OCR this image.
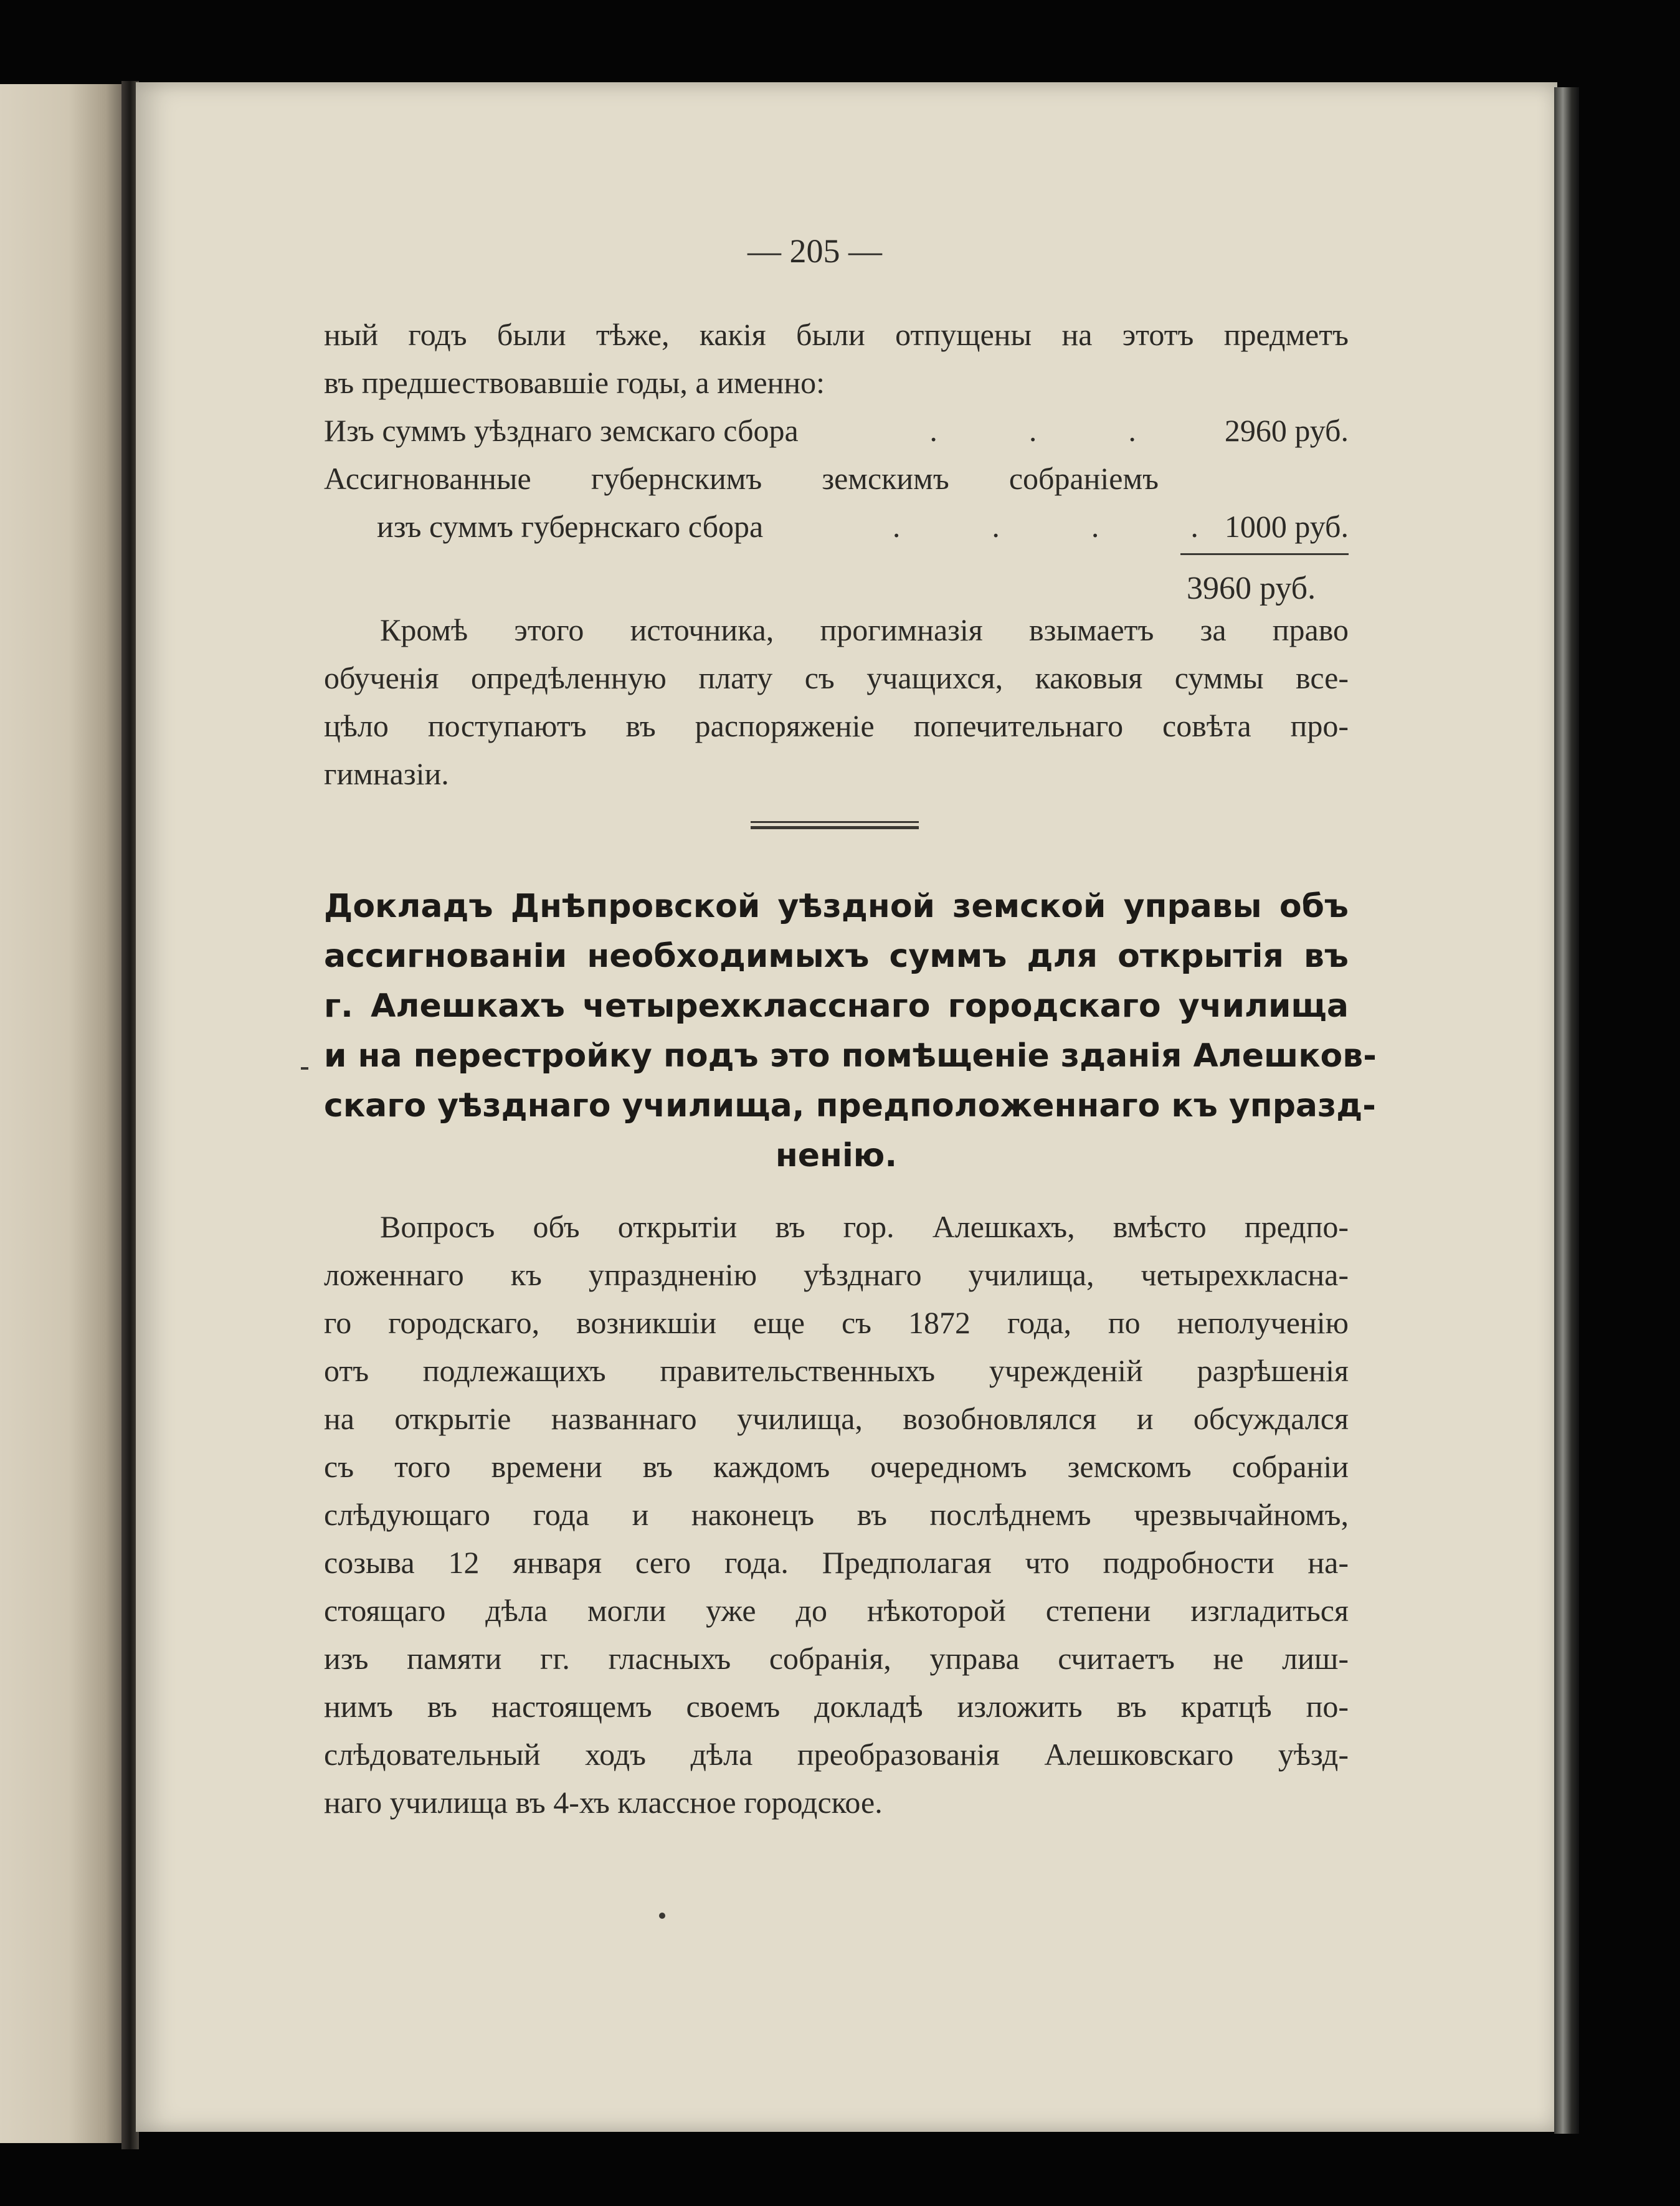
— 205 —
ный годъ были тѣже, какія были отпущены на этотъ предметъ
въ предшествовавшіе годы, а именно:
Изъ суммъ уѣзднаго земскаго сбора	.          .          .	2960 руб.
Ассигнованные губернскимъ земскимъ собраніемъ
изъ суммъ губернскаго сбора	.          .          .          . 1000 руб.
3960 руб.
Кромѣ этого источника, прогимназія взымаетъ за право
обученія опредѣленную плату съ учащихся, каковыя суммы все-
цѣло поступаютъ въ распоряженіе попечительнаго совѣта про-
гимназіи.
Докладъ Днѣпровской уѣздной земской управы объ
ассигнованіи необходимыхъ суммъ для открытія въ
г. Алешкахъ четырехкласснаго городскаго училища
и на перестройку подъ это помѣщеніе зданія Алешков-
скаго уѣзднаго училища, предположеннаго къ упразд-
ненію.
Вопросъ объ открытіи въ гор. Алешкахъ, вмѣсто предпо-
ложеннаго къ упраздненію уѣзднаго училища, четырехкласна-
го городскаго, возникшіи еще съ 1872 года, по неполученію
отъ подлежащихъ правительственныхъ учрежденій разрѣшенія
на открытіе названнаго училища, возобновлялся и обсуждался
съ того времени въ каждомъ очередномъ земскомъ собраніи
слѣдующаго года и наконецъ въ послѣднемъ чрезвычайномъ,
созыва 12 января сего года. Предполагая что подробности на-
стоящаго дѣла могли уже до нѣкоторой степени изгладиться
изъ памяти гг. гласныхъ собранія, управа считаетъ не лиш-
нимъ въ настоящемъ своемъ докладѣ изложить въ кратцѣ по-
слѣдовательный ходъ дѣла преобразованія Алешковскаго уѣзд-
наго училища въ 4-хъ классное городское.
